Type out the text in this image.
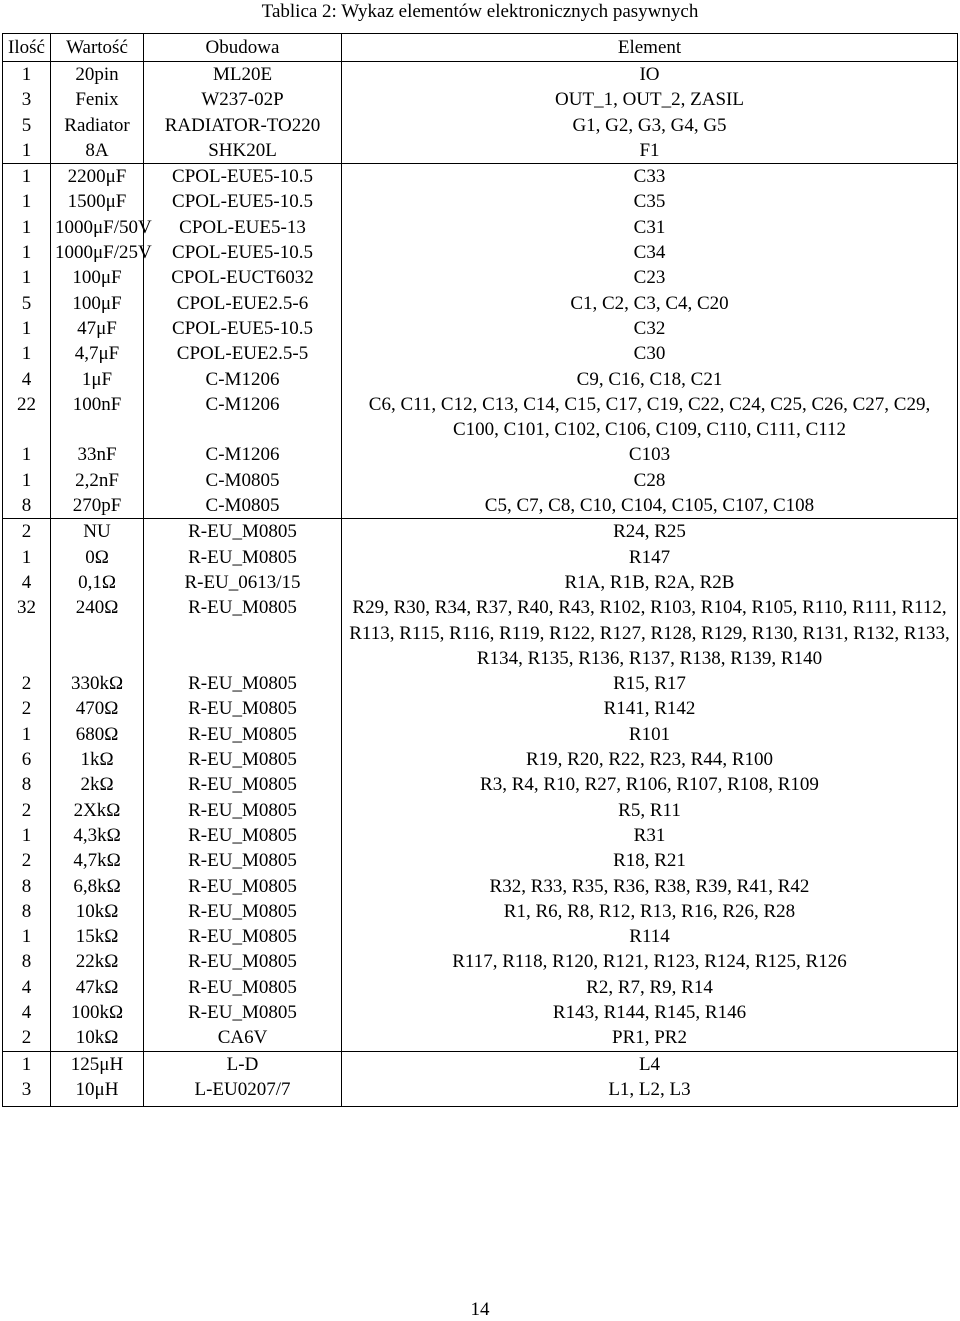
Tablica 2: Wykaz elementów elektronicznych pasywnych
Ilość	Wartość	Obudowa	Element
1	20pin	ML20E	IO
3	Fenix	W237-02P	OUT_1, OUT_2, ZASIL
5	Radiator	RADIATOR-TO220	G1, G2, G3, G4, G5
1	8A	SHK20L	F1
1	2200μF	CPOL-EUE5-10.5	C33
1	1500μF	CPOL-EUE5-10.5	C35
1	1000μF/50V	CPOL-EUE5-13	C31
1	1000μF/25V	CPOL-EUE5-10.5	C34
1	100μF	CPOL-EUCT6032	C23
5	100μF	CPOL-EUE2.5-6	C1, C2, C3, C4, C20
1	47μF	CPOL-EUE5-10.5	C32
1	4,7μF	CPOL-EUE2.5-5	C30
4	1μF	C-M1206	C9, C16, C18, C21
22	100nF	C-M1206	C6, C11, C12, C13, C14, C15, C17, C19, C22, C24, C25, C26, C27, C29, C100, C101, C102, C106, C109, C110, C111, C112
1	33nF	C-M1206	C103
1	2,2nF	C-M0805	C28
8	270pF	C-M0805	C5, C7, C8, C10, C104, C105, C107, C108
2	NU	R-EU_M0805	R24, R25
1	0Ω	R-EU_M0805	R147
4	0,1Ω	R-EU_0613/15	R1A, R1B, R2A, R2B
32	240Ω	R-EU_M0805	R29, R30, R34, R37, R40, R43, R102, R103, R104, R105, R110, R111, R112, R113, R115, R116, R119, R122, R127, R128, R129, R130, R131, R132, R133, R134, R135, R136, R137, R138, R139, R140
2	330kΩ	R-EU_M0805	R15, R17
2	470Ω	R-EU_M0805	R141, R142
1	680Ω	R-EU_M0805	R101
6	1kΩ	R-EU_M0805	R19, R20, R22, R23, R44, R100
8	2kΩ	R-EU_M0805	R3, R4, R10, R27, R106, R107, R108, R109
2	2XkΩ	R-EU_M0805	R5, R11
1	4,3kΩ	R-EU_M0805	R31
2	4,7kΩ	R-EU_M0805	R18, R21
8	6,8kΩ	R-EU_M0805	R32, R33, R35, R36, R38, R39, R41, R42
8	10kΩ	R-EU_M0805	R1, R6, R8, R12, R13, R16, R26, R28
1	15kΩ	R-EU_M0805	R114
8	22kΩ	R-EU_M0805	R117, R118, R120, R121, R123, R124, R125, R126
4	47kΩ	R-EU_M0805	R2, R7, R9, R14
4	100kΩ	R-EU_M0805	R143, R144, R145, R146
2	10kΩ	CA6V	PR1, PR2
1	125μH	L-D	L4
3	10μH	L-EU0207/7	L1, L2, L3
14
